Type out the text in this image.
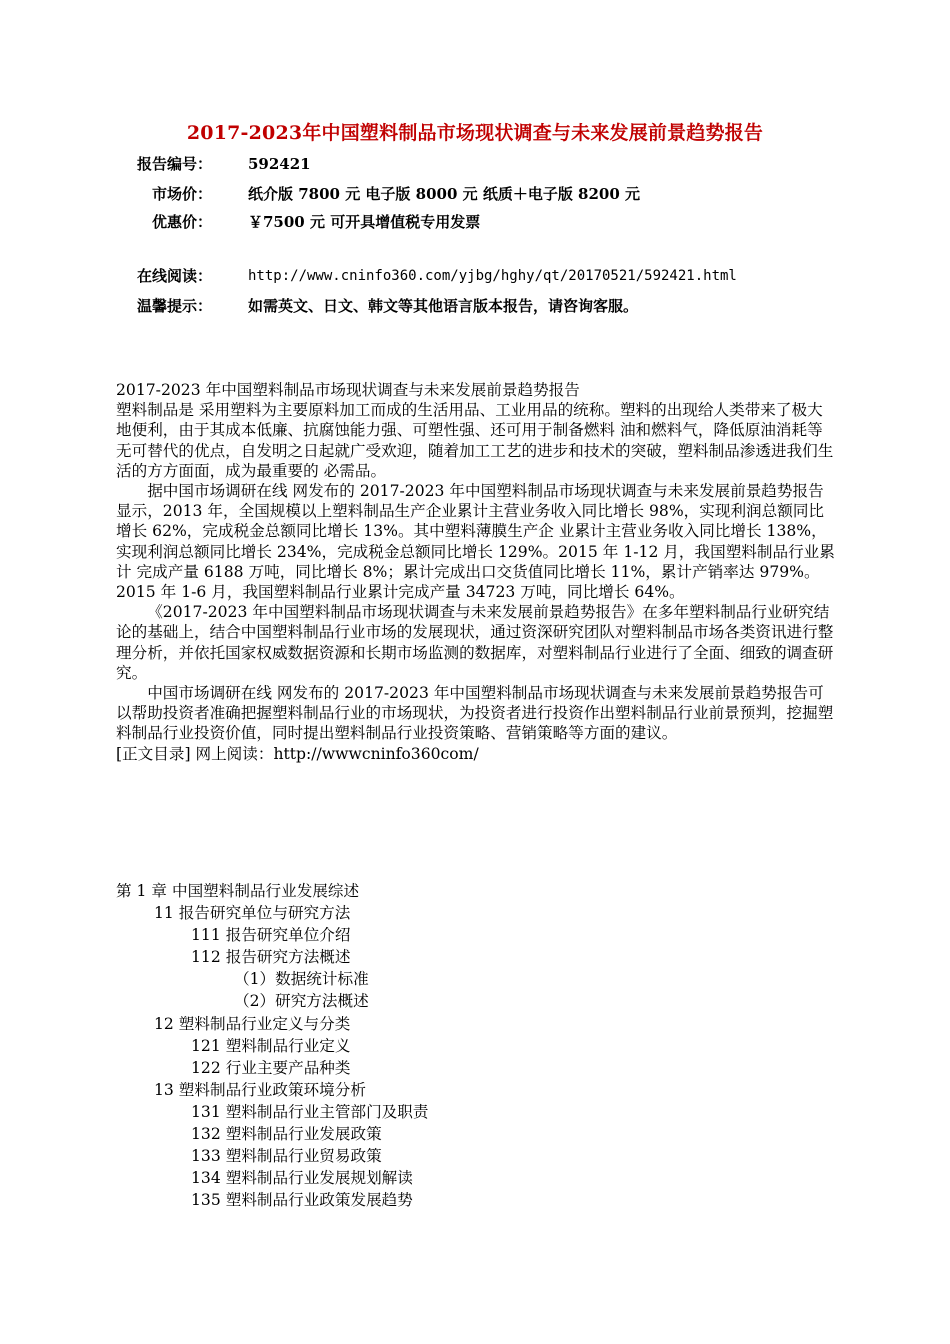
2017-2023年中国塑料制品市场现状调查与未来发展前景趋势报告
报告编号： 592421
市场价： 纸介版 7800 元 电子版 8000 元 纸质＋电子版 8200 元
优惠价： ￥7500 元 可开具增值税专用发票
在线阅读：	http://www.cninfo360.com/yjbg/hghy/qt/20170521/592421.html
温馨提示： 如需英文、日文、韩文等其他语言版本报告，请咨询客服。

2017-2023 年中国塑料制品市场现状调查与未来发展前景趋势报告

塑料制品是 采用塑料为主要原料加工而成的生活用品、工业用品的统称。塑料的出现给人类带来了极大地便利，由于其成本低廉、抗腐蚀能力强、可塑性强、还可用于制备燃料 油和燃料气，降低原油消耗等无可替代的优点，自发明之日起就广受欢迎，随着加工工艺的进步和技术的突破，塑料制品渗透进我们生活的方方面面，成为最重要的 必需品。

据中国市场调研在线 网发布的 2017-2023 年中国塑料制品市场现状调查与未来发展前景趋势报告显示，2013 年，全国规模以上塑料制品生产企业累计主营业务收入同比增长 98%，实现利润总额同比增长 62%，完成税金总额同比增长 13%。其中塑料薄膜生产企 业累计主营业务收入同比增长 138%，实现利润总额同比增长 234%，完成税金总额同比增长 129%。2015 年 1-12 月，我国塑料制品行业累计 完成产量 6188 万吨，同比增长 8%；累计完成出口交货值同比增长 11%，累计产销率达 979%。2015 年 1-6 月，我国塑料制品行业累计完成产量 34723 万吨，同比增长 64%。

《2017-2023 年中国塑料制品市场现状调查与未来发展前景趋势报告》在多年塑料制品行业研究结论的基础上，结合中国塑料制品行业市场的发展现状，通过资深研究团队对塑料制品市场各类资讯进行整理分析，并依托国家权威数据资源和长期市场监测的数据库，对塑料制品行业进行了全面、细致的调查研究。

中国市场调研在线 网发布的 2017-2023 年中国塑料制品市场现状调查与未来发展前景趋势报告可以帮助投资者准确把握塑料制品行业的市场现状，为投资者进行投资作出塑料制品行业前景预判，挖掘塑料制品行业投资价值，同时提出塑料制品行业投资策略、营销策略等方面的建议。

[正文目录] 网上阅读：http://wwwcninfo360com/

第 1 章 中国塑料制品行业发展综述
11 报告研究单位与研究方法
111 报告研究单位介绍
112 报告研究方法概述
（1）数据统计标准
（2）研究方法概述
12 塑料制品行业定义与分类
121 塑料制品行业定义
122 行业主要产品种类
13 塑料制品行业政策环境分析
131 塑料制品行业主管部门及职责
132 塑料制品行业发展政策
133 塑料制品行业贸易政策
134 塑料制品行业发展规划解读
135 塑料制品行业政策发展趋势
